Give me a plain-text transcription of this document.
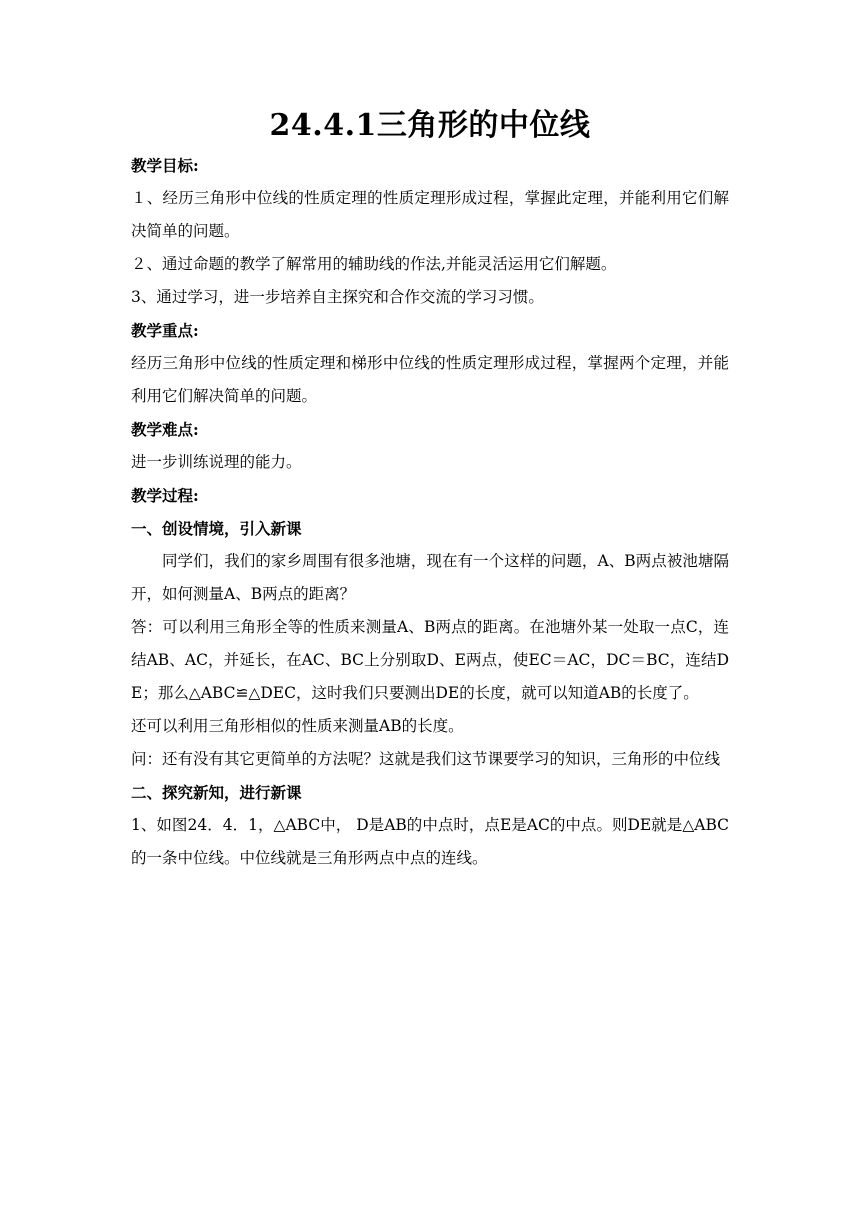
24.4.1三角形的中位线
教学目标:
１、经历三角形中位线的性质定理的性质定理形成过程，掌握此定理，并能利用它们解决简单的问题。
２、通过命题的教学了解常用的辅助线的作法,并能灵活运用它们解题。
3、通过学习，进一步培养自主探究和合作交流的学习习惯。
教学重点:
经历三角形中位线的性质定理和梯形中位线的性质定理形成过程，掌握两个定理，并能利用它们解决简单的问题。
教学难点:
进一步训练说理的能力。
教学过程:
一、创设情境，引入新课
同学们，我们的家乡周围有很多池塘，现在有一个这样的问题，A、B两点被池塘隔开，如何测量A、B两点的距离？
答：可以利用三角形全等的性质来测量A、B两点的距离。在池塘外某一处取一点C，连结AB、AC，并延长，在AC、BC上分别取D、E两点，使EC＝AC，DC＝BC，连结DE；那么△ABC≌△DEC，这时我们只要测出DE的长度，就可以知道AB的长度了。
还可以利用三角形相似的性质来测量AB的长度。
问：还有没有其它更简单的方法呢？这就是我们这节课要学习的知识，三角形的中位线
二、探究新知，进行新课
1、如图24．4．1，△ABC中， D是AB的中点时，点E是AC的中点。则DE就是△ABC的一条中位线。中位线就是三角形两点中点的连线。
